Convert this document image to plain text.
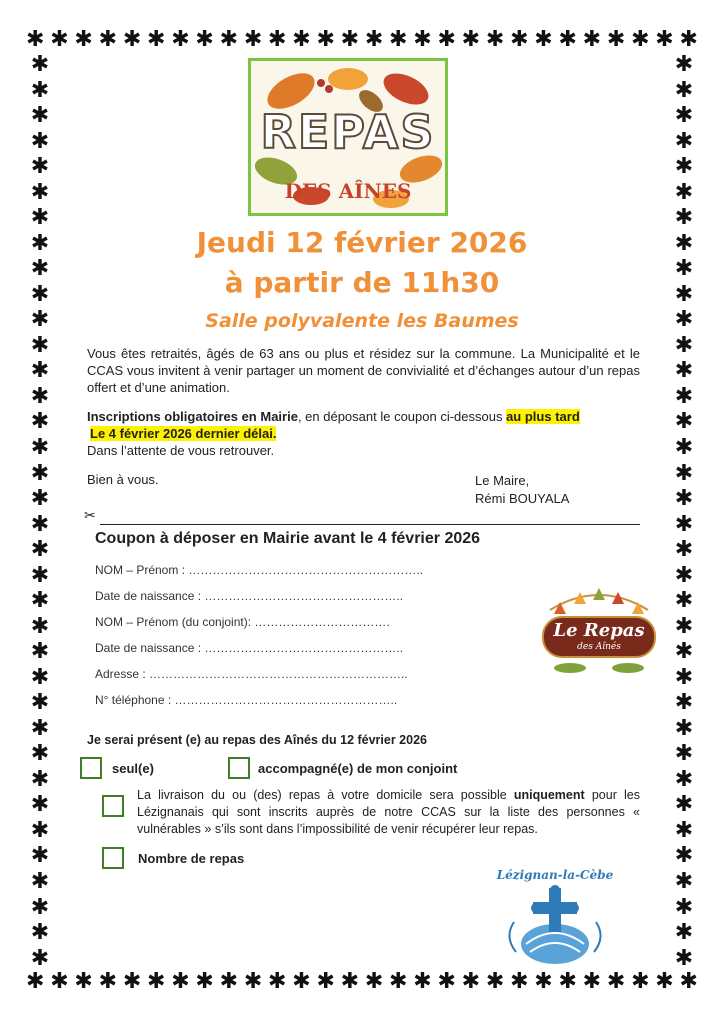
✱ ✱ ✱ ✱ ✱ ✱ ✱ ✱ ✱ ✱ ✱ ✱ ✱ ✱ ✱ ✱ ✱ ✱ ✱ ✱ ✱ ✱ ✱ ✱ ✱ ✱ ✱ ✱
✱ ✱ ✱ ✱ ✱ ✱ ✱ ✱ ✱ ✱ ✱ ✱ ✱ ✱ ✱ ✱ ✱ ✱ ✱ ✱ ✱ ✱ ✱ ✱ ✱ ✱ ✱ ✱
✱
✱
✱
✱
✱
✱
✱
✱
✱
✱
✱
✱
✱
✱
✱
✱
✱
✱
✱
✱
✱
✱
✱
✱
✱
✱
✱
✱
✱
✱
✱
✱
✱
✱
✱
✱
✱
✱
✱
✱
✱
✱
✱
✱
✱
✱
✱
✱
✱
✱
✱
✱
✱
✱
✱
✱
✱
✱
✱
✱
✱
✱
✱
✱
✱
✱
✱
✱
✱
✱
✱
✱
REPAS
DES AÎNES
Jeudi 12 février 2026
à partir de 11h30
Salle polyvalente les Baumes

Vous êtes retraités, âgés de 63 ans ou plus et résidez sur la commune. La Municipalité et le CCAS vous invitent à venir partager un moment de convivialité et d’échanges autour d’un repas offert et d’une animation.

Inscriptions obligatoires en Mairie, en déposant le coupon ci-dessous au plus tard
Le 4 février 2026 dernier délai.
Dans l’attente de vous retrouver.
Bien à vous.	Le Maire,
Rémi BOUYALA
✂
Coupon à déposer en Mairie avant le 4 février 2026
NOM – Prénom : …………………………………………………..
Date de naissance : …………………………………………..
NOM – Prénom (du conjoint): …………………………….
Date de naissance : …………………………………………..
Adresse : ………………………………………………………..
N° téléphone : ………………………………………………..
Le Repas
des Aînés
Je serai présent (e) au repas des Aînés du 12 février 2026
seul(e)	accompagné(e) de mon conjoint

La livraison du ou (des) repas à votre domicile sera possible uniquement pour les Lézignanais qui sont inscrits auprès de notre CCAS sur la liste des personnes « vulnérables » s’ils sont dans l’impossibilité de venir récupérer leur repas.

Nombre de repas
Lézignan-la-Cèbe
